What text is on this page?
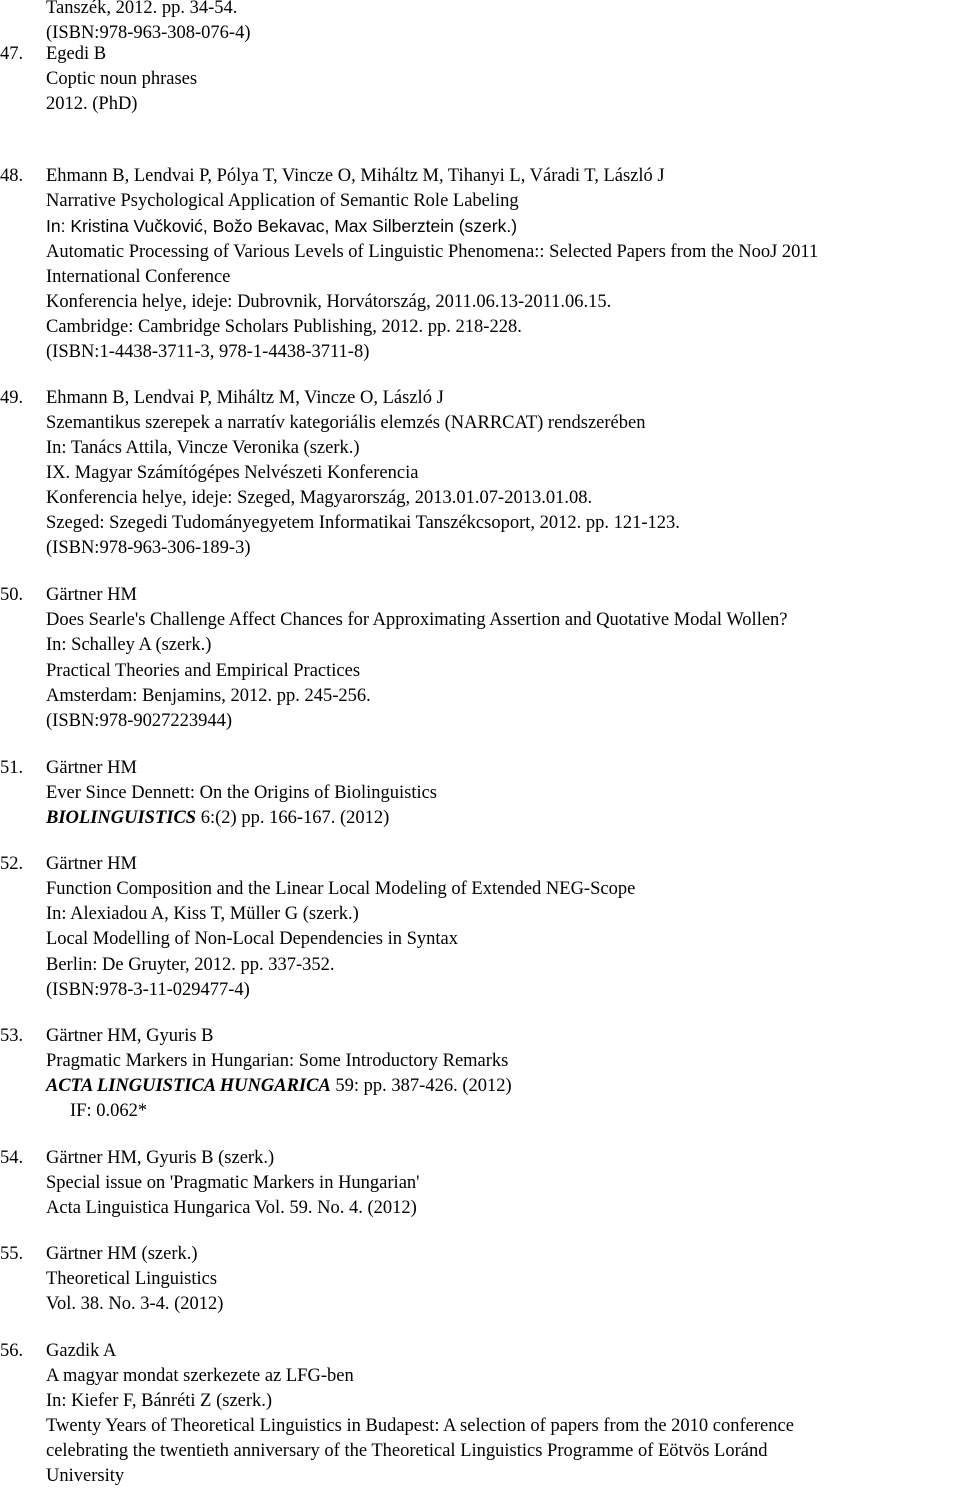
Tanszék, 2012. pp. 34-54.
(ISBN:978-963-308-076-4)
47.	Egedi B
Coptic noun phrases
2012. (PhD)
48.	Ehmann B, Lendvai P, Pólya T, Vincze O, Miháltz M, Tihanyi L, Váradi T, László J
Narrative Psychological Application of Semantic Role Labeling
In: Kristina Vučković, Božo Bekavac, Max Silberztein (szerk.)
Automatic Processing of Various Levels of Linguistic Phenomena:: Selected Papers from the NooJ 2011
International Conference
Konferencia helye, ideje: Dubrovnik, Horvátország, 2011.06.13-2011.06.15.
Cambridge: Cambridge Scholars Publishing, 2012. pp. 218-228.
(ISBN:1-4438-3711-3, 978-1-4438-3711-8)
49.	Ehmann B, Lendvai P, Miháltz M, Vincze O, László J
Szemantikus szerepek a narratív kategoriális elemzés (NARRCAT) rendszerében
In: Tanács Attila, Vincze Veronika (szerk.)
IX. Magyar Számítógépes Nelvészeti Konferencia
Konferencia helye, ideje: Szeged, Magyarország, 2013.01.07-2013.01.08.
Szeged: Szegedi Tudományegyetem Informatikai Tanszékcsoport, 2012. pp. 121-123.
(ISBN:978-963-306-189-3)
50.	Gärtner HM
Does Searle's Challenge Affect Chances for Approximating Assertion and Quotative Modal Wollen?
In: Schalley A (szerk.)
Practical Theories and Empirical Practices
Amsterdam: Benjamins, 2012. pp. 245-256.
(ISBN:978-9027223944)
51.	Gärtner HM
Ever Since Dennett: On the Origins of Biolinguistics
BIOLINGUISTICS 6:(2) pp. 166-167. (2012)
52.	Gärtner HM
Function Composition and the Linear Local Modeling of Extended NEG-Scope
In: Alexiadou A, Kiss T, Müller G (szerk.)
Local Modelling of Non-Local Dependencies in Syntax
Berlin: De Gruyter, 2012. pp. 337-352.
(ISBN:978-3-11-029477-4)
53.	Gärtner HM, Gyuris B
Pragmatic Markers in Hungarian: Some Introductory Remarks
ACTA LINGUISTICA HUNGARICA 59: pp. 387-426. (2012)
IF: 0.062*
54.	Gärtner HM, Gyuris B (szerk.)
Special issue on 'Pragmatic Markers in Hungarian'
Acta Linguistica Hungarica Vol. 59. No. 4. (2012)
55.	Gärtner HM (szerk.)
Theoretical Linguistics
Vol. 38. No. 3-4. (2012)
56.	Gazdik A
A magyar mondat szerkezete az LFG-ben
In: Kiefer F, Bánréti Z (szerk.)
Twenty Years of Theoretical Linguistics in Budapest: A selection of papers from the 2010 conference
celebrating the twentieth anniversary of the Theoretical Linguistics Programme of Eötvös Loránd
University
